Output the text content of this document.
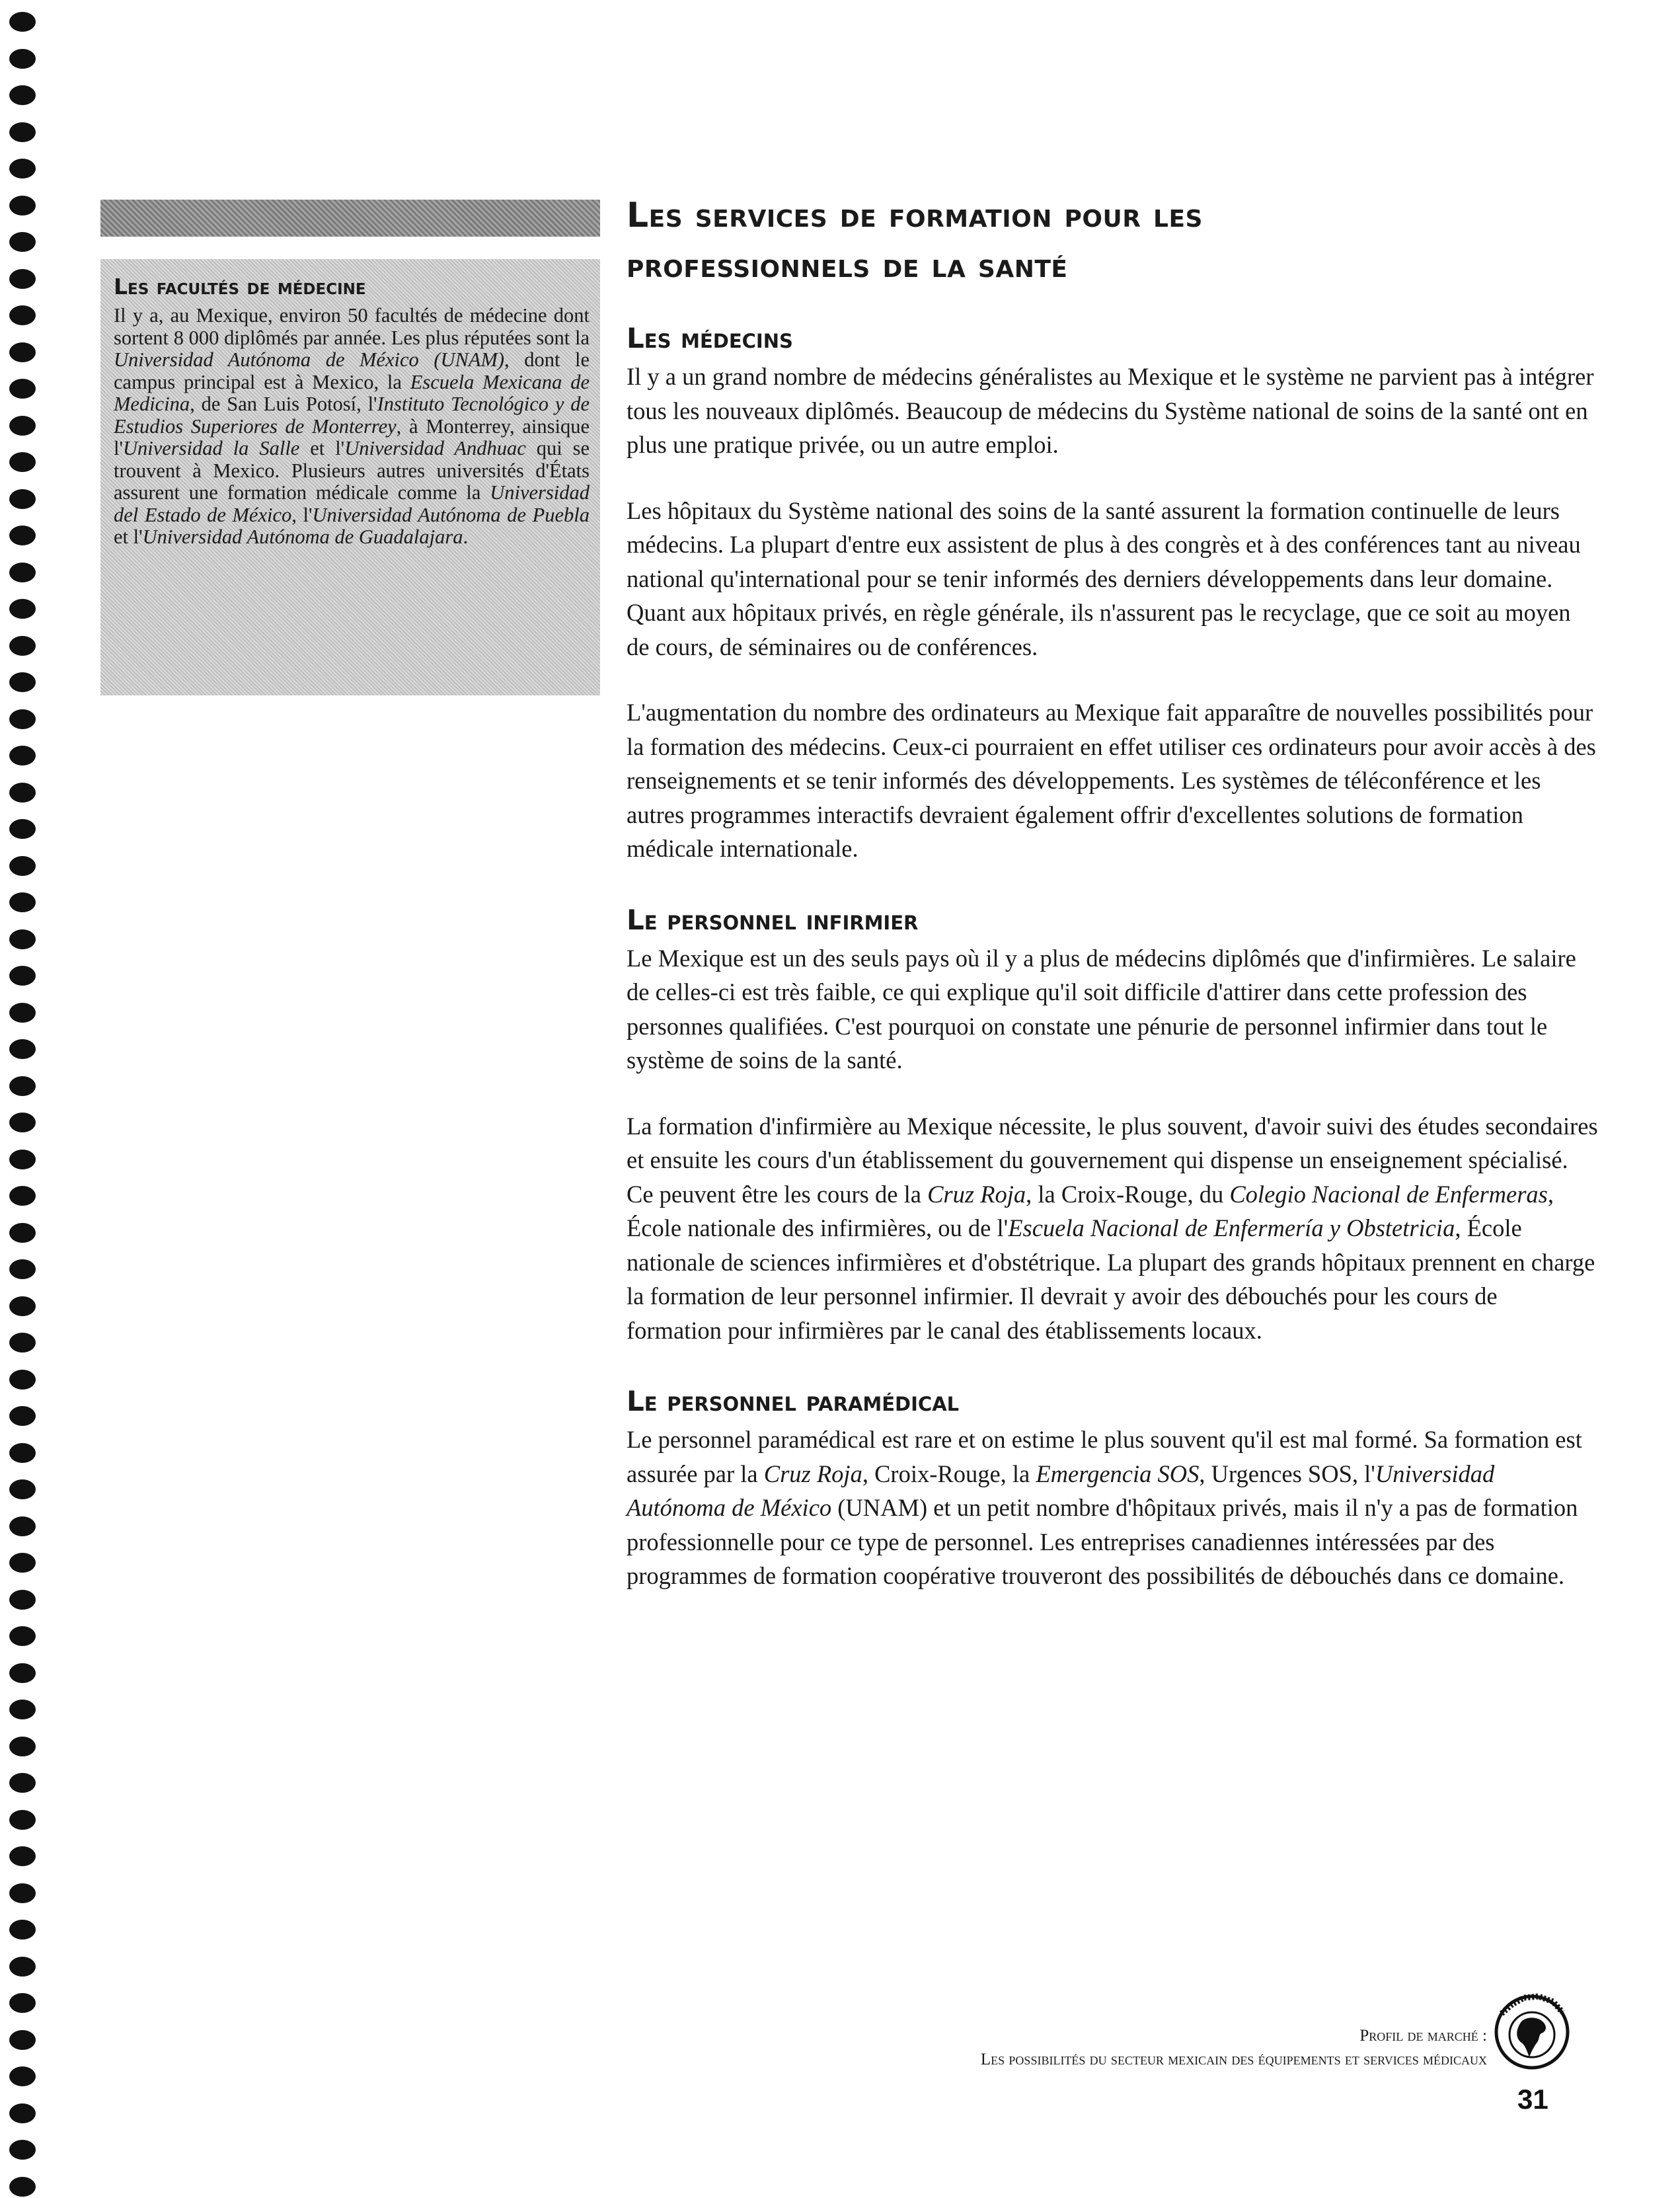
Les facultés de médecine

Il y a, au Mexique, environ 50 facultés de médecine dont sortent 8 000 diplômés par année. Les plus réputées sont la Universidad Autónoma de México (UNAM), dont le campus principal est à Mexico, la Escuela Mexicana de Medicina, de San Luis Potosí, l'Instituto Tecnológico y de Estudios Superiores de Monterrey, à Monterrey, ainsique l'Universidad la Salle et l'Universidad Andhuac qui se trouvent à Mexico. Plusieurs autres universités d'États assurent une formation médicale comme la Universidad del Estado de México, l'Universidad Autónoma de Puebla et l'Universidad Autónoma de Guadalajara.

Les services de formation pour les
professionnels de la santé
Les médecins

Il y a un grand nombre de médecins généralistes au Mexique et le système ne parvient pas à intégrer tous les nouveaux diplômés. Beaucoup de médecins du Système national de soins de la santé ont en plus une pratique privée, ou un autre emploi.

Les hôpitaux du Système national des soins de la santé assurent la formation continuelle de leurs médecins. La plupart d'entre eux assistent de plus à des congrès et à des conférences tant au niveau national qu'international pour se tenir informés des derniers développements dans leur domaine. Quant aux hôpitaux privés, en règle générale, ils n'assurent pas le recyclage, que ce soit au moyen de cours, de séminaires ou de conférences.

L'augmentation du nombre des ordinateurs au Mexique fait apparaître de nouvelles possibilités pour la formation des médecins. Ceux-ci pourraient en effet utiliser ces ordinateurs pour avoir accès à des renseignements et se tenir informés des développements. Les systèmes de téléconférence et les autres programmes interactifs devraient également offrir d'excellentes solutions de formation médicale internationale.

Le personnel infirmier

Le Mexique est un des seuls pays où il y a plus de médecins diplômés que d'infirmières. Le salaire de celles-ci est très faible, ce qui explique qu'il soit difficile d'attirer dans cette profession des personnes qualifiées. C'est pourquoi on constate une pénurie de personnel infirmier dans tout le système de soins de la santé.

La formation d'infirmière au Mexique nécessite, le plus souvent, d'avoir suivi des études secondaires et ensuite les cours d'un établissement du gouvernement qui dispense un enseignement spécialisé. Ce peuvent être les cours de la Cruz Roja, la Croix-Rouge, du Colegio Nacional de Enfermeras, École nationale des infirmières, ou de l'Escuela Nacional de Enfermería y Obstetricia, École nationale de sciences infirmières et d'obstétrique. La plupart des grands hôpitaux prennent en charge la formation de leur personnel infirmier. Il devrait y avoir des débouchés pour les cours de formation pour infirmières par le canal des établissements locaux.

Le personnel paramédical

Le personnel paramédical est rare et on estime le plus souvent qu'il est mal formé. Sa formation est assurée par la Cruz Roja, Croix-Rouge, la Emergencia SOS, Urgences SOS, l'Universidad Autónoma de México (UNAM) et un petit nombre d'hôpitaux privés, mais il n'y a pas de formation professionnelle pour ce type de personnel. Les entreprises canadiennes intéressées par des programmes de formation coopérative trouveront des possibilités de débouchés dans ce domaine.

Profil de marché :
Les possibilités du secteur mexicain des équipements et services médicaux
31
